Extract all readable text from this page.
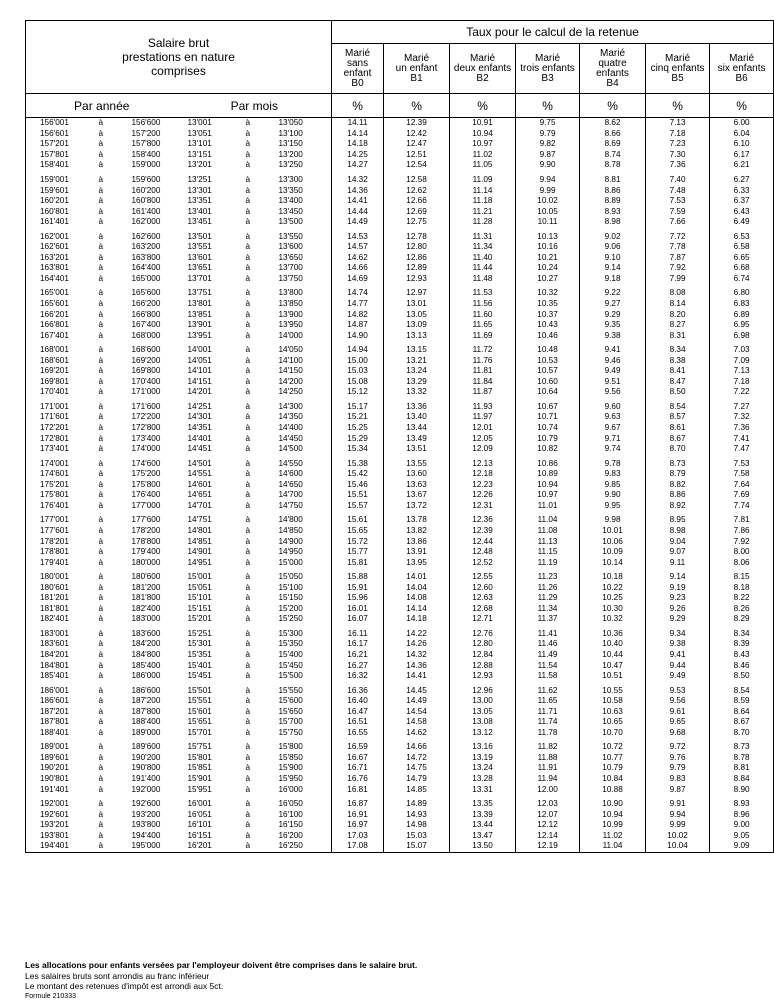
Salaire brut
prestations en nature
comprises						Taux pour le calcul de la retenue						
						Marié
sans enfant
B0	Marié
un enfant
B1	Marié
deux enfants
B2	Marié
trois enfants
B3	Marié
quatre
enfants
B4	Marié
cinq enfants
B5	Marié
six enfants
B6
Par année			Par mois			%	%	%	%	%	%	%
156'001	à	156'600	13'001	à	13'050	14.11	12.39	10.91	9.75	8.62	7.13	6.00
156'601	à	157'200	13'051	à	13'100	14.14	12.42	10.94	9.79	8.66	7.18	6.04
157'201	à	157'800	13'101	à	13'150	14.18	12.47	10.97	9.82	8.69	7.23	6.10
157'801	à	158'400	13'151	à	13'200	14.25	12.51	11.02	9.87	8.74	7.30	6.17
158'401	à	159'000	13'201	à	13'250	14.27	12.54	11.05	9.90	8.78	7.36	6.21

159'001	à	159'600	13'251	à	13'300	14.32	12.58	11.09	9.94	8.81	7.40	6.27
159'601	à	160'200	13'301	à	13'350	14.36	12.62	11.14	9.99	8.86	7.48	6.33
160'201	à	160'800	13'351	à	13'400	14.41	12.66	11.18	10.02	8.89	7.53	6.37
160'801	à	161'400	13'401	à	13'450	14.44	12.69	11.21	10.05	8.93	7.59	6.43
161'401	à	162'000	13'451	à	13'500	14.49	12.75	11.28	10.11	8.98	7.66	6.49

162'001	à	162'600	13'501	à	13'550	14.53	12.78	11.31	10.13	9.02	7.72	6.53
162'601	à	163'200	13'551	à	13'600	14.57	12.80	11.34	10.16	9.06	7.78	6.58
163'201	à	163'800	13'601	à	13'650	14.62	12.86	11.40	10.21	9.10	7.87	6.65
163'801	à	164'400	13'651	à	13'700	14.66	12.89	11.44	10.24	9.14	7.92	6.68
164'401	à	165'000	13'701	à	13'750	14.69	12.93	11.48	10.27	9.18	7.99	6.74

165'001	à	165'600	13'751	à	13'800	14.74	12.97	11.53	10.32	9.22	8.08	6.80
165'601	à	166'200	13'801	à	13'850	14.77	13.01	11.56	10.35	9.27	8.14	6.83
166'201	à	166'800	13'851	à	13'900	14.82	13.05	11.60	10.37	9.29	8.20	6.89
166'801	à	167'400	13'901	à	13'950	14.87	13.09	11.65	10.43	9.35	8.27	6.95
167'401	à	168'000	13'951	à	14'000	14.90	13.13	11.69	10.46	9.38	8.31	6.98

168'001	à	168'600	14'001	à	14'050	14.94	13.15	11.72	10.48	9.41	8.34	7.03
168'601	à	169'200	14'051	à	14'100	15.00	13.21	11.76	10.53	9.46	8.38	7.09
169'201	à	169'800	14'101	à	14'150	15.03	13.24	11.81	10.57	9.49	8.41	7.13
169'801	à	170'400	14'151	à	14'200	15.08	13.29	11.84	10.60	9.51	8.47	7.18
170'401	à	171'000	14'201	à	14'250	15.12	13.32	11.87	10.64	9.56	8.50	7.22

171'001	à	171'600	14'251	à	14'300	15.17	13.36	11.93	10.67	9.60	8.54	7.27
171'601	à	172'200	14'301	à	14'350	15.21	13.40	11.97	10.71	9.63	8.57	7.32
172'201	à	172'800	14'351	à	14'400	15.25	13.44	12.01	10.74	9.67	8.61	7.36
172'801	à	173'400	14'401	à	14'450	15.29	13.49	12.05	10.79	9.71	8.67	7.41
173'401	à	174'000	14'451	à	14'500	15.34	13.51	12.09	10.82	9.74	8.70	7.47

174'001	à	174'600	14'501	à	14'550	15.38	13.55	12.13	10.86	9.78	8.73	7.53
174'601	à	175'200	14'551	à	14'600	15.42	13.60	12.18	10.89	9.83	8.79	7.58
175'201	à	175'800	14'601	à	14'650	15.46	13.63	12.23	10.94	9.85	8.82	7.64
175'801	à	176'400	14'651	à	14'700	15.51	13.67	12.26	10.97	9.90	8.86	7.69
176'401	à	177'000	14'701	à	14'750	15.57	13.72	12.31	11.01	9.95	8.92	7.74

177'001	à	177'600	14'751	à	14'800	15.61	13.78	12.36	11.04	9.98	8.95	7.81
177'601	à	178'200	14'801	à	14'850	15.65	13.82	12.39	11.08	10.01	8.98	7.86
178'201	à	178'800	14'851	à	14'900	15.72	13.86	12.44	11.13	10.06	9.04	7.92
178'801	à	179'400	14'901	à	14'950	15.77	13.91	12.48	11.15	10.09	9.07	8.00
179'401	à	180'000	14'951	à	15'000	15.81	13.95	12.52	11.19	10.14	9.11	8.06

180'001	à	180'600	15'001	à	15'050	15.88	14.01	12.55	11.23	10.18	9.14	8.15
180'601	à	181'200	15'051	à	15'100	15.91	14.04	12.60	11.26	10.22	9.19	8.18
181'201	à	181'800	15'101	à	15'150	15.96	14.08	12.63	11.29	10.25	9.23	8.22
181'801	à	182'400	15'151	à	15'200	16.01	14.14	12.68	11.34	10.30	9.26	8.26
182'401	à	183'000	15'201	à	15'250	16.07	14.18	12.71	11.37	10.32	9.29	8.29

183'001	à	183'600	15'251	à	15'300	16.11	14.22	12.76	11.41	10.36	9.34	8.34
183'601	à	184'200	15'301	à	15'350	16.17	14.26	12.80	11.46	10.40	9.38	8.39
184'201	à	184'800	15'351	à	15'400	16.21	14.32	12.84	11.49	10.44	9.41	8.43
184'801	à	185'400	15'401	à	15'450	16.27	14.36	12.88	11.54	10.47	9.44	8.46
185'401	à	186'000	15'451	à	15'500	16.32	14.41	12.93	11.58	10.51	9.49	8.50

186'001	à	186'600	15'501	à	15'550	16.36	14.45	12.96	11.62	10.55	9.53	8.54
186'601	à	187'200	15'551	à	15'600	16.40	14.49	13.00	11.65	10.58	9.56	8.59
187'201	à	187'800	15'601	à	15'650	16.47	14.54	13.05	11.71	10.63	9.61	8.64
187'801	à	188'400	15'651	à	15'700	16.51	14.58	13.08	11.74	10.65	9.65	8.67
188'401	à	189'000	15'701	à	15'750	16.55	14.62	13.12	11.78	10.70	9.68	8.70

189'001	à	189'600	15'751	à	15'800	16.59	14.66	13.16	11.82	10.72	9.72	8.73
189'601	à	190'200	15'801	à	15'850	16.67	14.72	13.19	11.88	10.77	9.76	8.78
190'201	à	190'800	15'851	à	15'900	16.71	14.75	13.24	11.91	10.79	9.79	8.81
190'801	à	191'400	15'901	à	15'950	16.76	14.79	13.28	11.94	10.84	9.83	8.84
191'401	à	192'000	15'951	à	16'000	16.81	14.85	13.31	12.00	10.88	9.87	8.90

192'001	à	192'600	16'001	à	16'050	16.87	14.89	13.35	12.03	10.90	9.91	8.93
192'601	à	193'200	16'051	à	16'100	16.91	14.93	13.39	12.07	10.94	9.94	8.96
193'201	à	193'800	16'101	à	16'150	16.97	14.98	13.44	12.12	10.99	9.99	9.00
193'801	à	194'400	16'151	à	16'200	17.03	15.03	13.47	12.14	11.02	10.02	9.05
194'401	à	195'000	16'201	à	16'250	17.08	15.07	13.50	12.19	11.04	10.04	9.09
Les allocations pour enfants versées par l'employeur doivent être comprises dans le salaire brut.
Les salaires bruts sont arrondis au franc inférieur
Le montant des retenues d'impôt est arrondi aux 5ct.
Formule 210333
